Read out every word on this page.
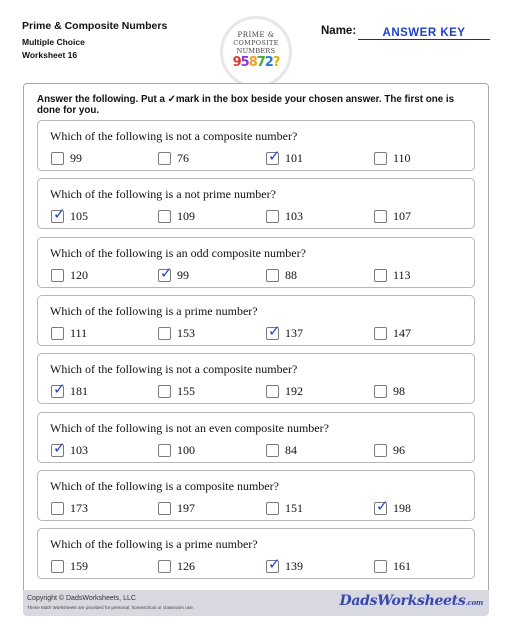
Prime & Composite Numbers
Multiple Choice
Worksheet 16
PRIME &
COMPOSITE
NUMBERS
95872?
Name:	ANSWER KEY
Answer the following. Put a ✓mark in the box beside your chosen answer. The first one is done for you.
Which of the following is not a composite number?
99	76	✓ 101	110
Which of the following is a not prime number?
✓ 105	109	103	107
Which of the following is an odd composite number?
120	✓ 99	88	113
Which of the following is a prime number?
111	153	✓ 137	147
Which of the following is not a composite number?
✓ 181	155	192	98
Which of the following is not an even composite number?
✓ 103	100	84	96
Which of the following is a composite number?
173	197	151	✓ 198
Which of the following is a prime number?
159	126	✓ 139	161
Copyright © DadsWorksheets, LLC
These Math Worksheets are provided for personal, homeschool or classroom use.	DadsWorksheets.com
